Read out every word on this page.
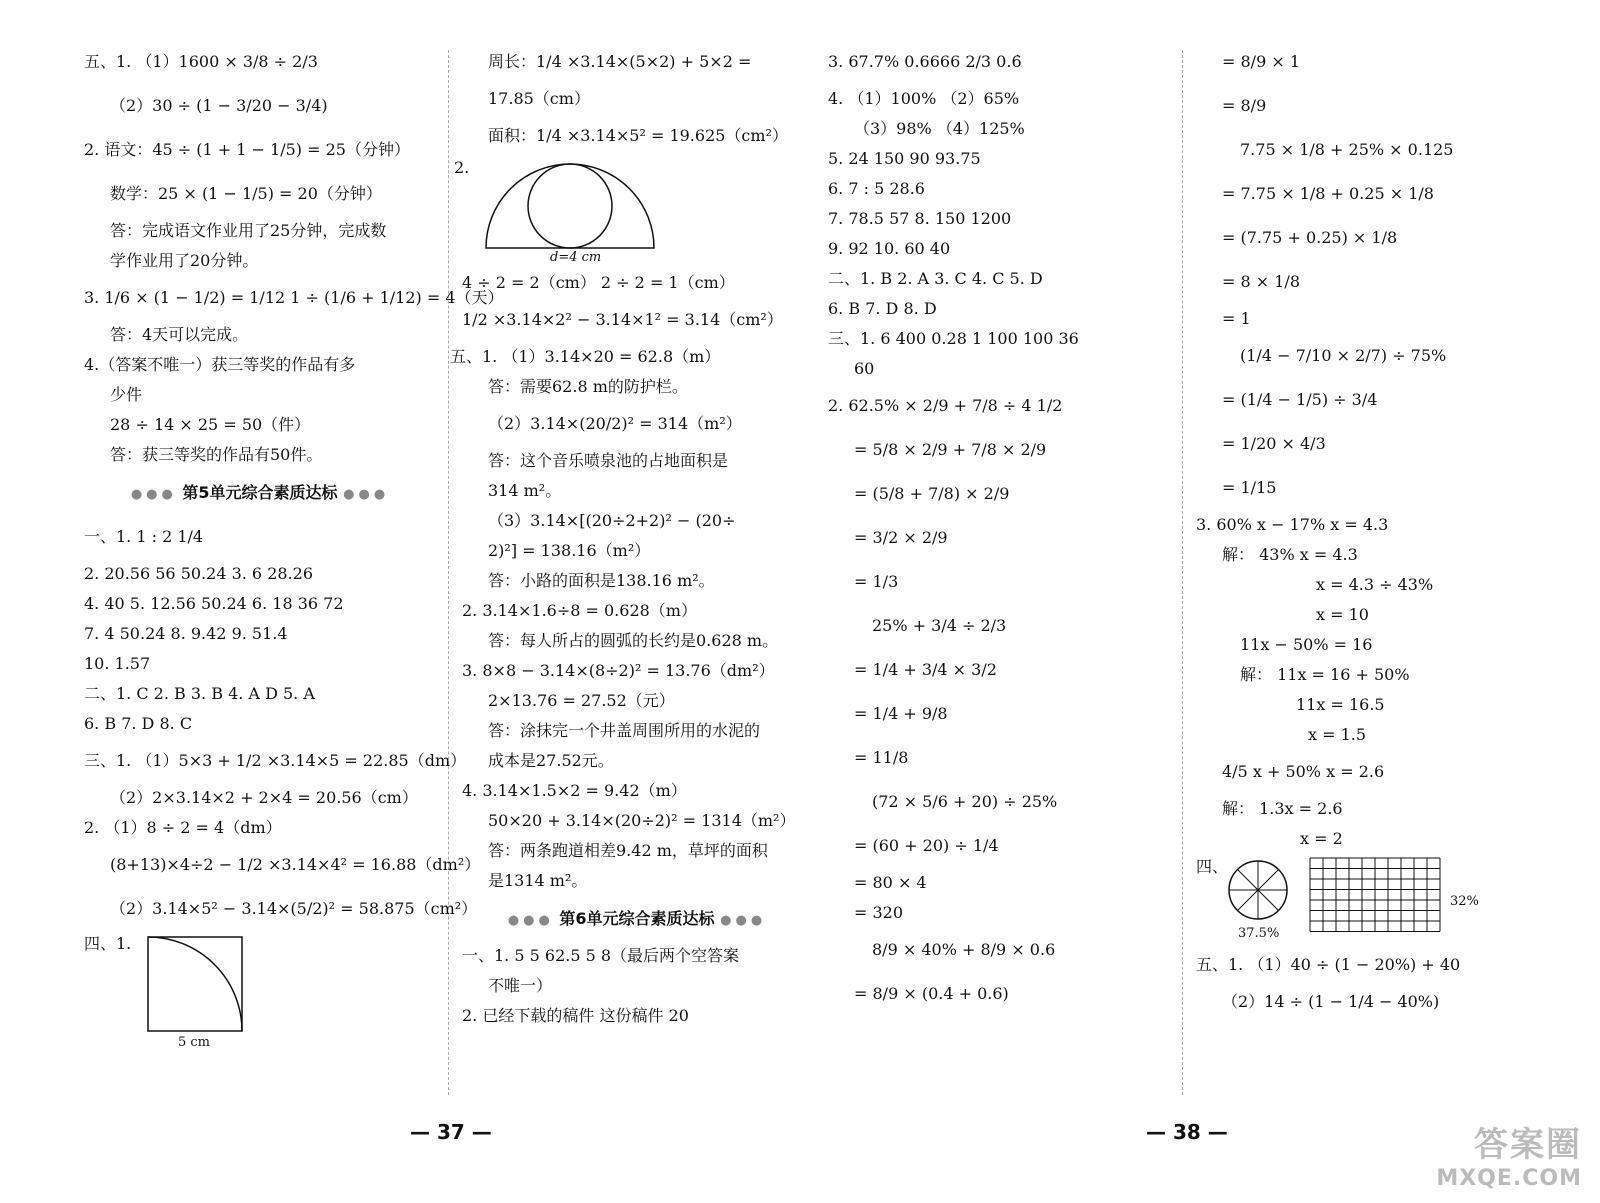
五、1. （1）1600 × 3/8 ÷ 2/3
（2）30 ÷ (1 − 3/20 − 3/4)
2. 语文：45 ÷ (1 + 1 − 1/5) = 25（分钟）
数学：25 × (1 − 1/5) = 20（分钟）
答：完成语文作业用了25分钟，完成数
学作业用了20分钟。
3. 1/6 × (1 − 1/2) = 1/12 1 ÷ (1/6 + 1/12) = 4（天）
答：4天可以完成。
4.（答案不唯一）获三等奖的作品有多
少件
28 ÷ 14 × 25 = 50（件）
答：获三等奖的作品有50件。
●●● 第5单元综合素质达标 ●●●
一、1. 1 : 2 1/4
2. 20.56 56 50.24 3. 6 28.26
4. 40 5. 12.56 50.24 6. 18 36 72
7. 4 50.24 8. 9.42 9. 51.4
10. 1.57
二、1. C 2. B 3. B 4. A D 5. A
6. B 7. D 8. C
三、1. （1）5×3 + 1/2 ×3.14×5 = 22.85（dm）
（2）2×3.14×2 + 2×4 = 20.56（cm）
2. （1）8 ÷ 2 = 4（dm）
(8+13)×4÷2 − 1/2 ×3.14×4² = 16.88（dm²）
（2）3.14×5² − 3.14×(5/2)² = 58.875（cm²）
四、1.
5 cm
周长：1/4 ×3.14×(5×2) + 5×2 =
17.85（cm）
面积：1/4 ×3.14×5² = 19.625（cm²）
2.
d=4 cm
4 ÷ 2 = 2（cm） 2 ÷ 2 = 1（cm）
1/2 ×3.14×2² − 3.14×1² = 3.14（cm²）
五、1. （1）3.14×20 = 62.8（m）
答：需要62.8 m的防护栏。
（2）3.14×(20/2)² = 314（m²）
答：这个音乐喷泉池的占地面积是
314 m²。
（3）3.14×[(20÷2+2)² − (20÷
2)²] = 138.16（m²）
答：小路的面积是138.16 m²。
2. 3.14×1.6÷8 = 0.628（m）
答：每人所占的圆弧的长约是0.628 m。
3. 8×8 − 3.14×(8÷2)² = 13.76（dm²）
2×13.76 = 27.52（元）
答：涂抹完一个井盖周围所用的水泥的
成本是27.52元。
4. 3.14×1.5×2 = 9.42（m）
50×20 + 3.14×(20÷2)² = 1314（m²）
答：两条跑道相差9.42 m，草坪的面积
是1314 m²。
●●● 第6单元综合素质达标 ●●●
一、1. 5 5 62.5 5 8（最后两个空答案
不唯一）
2. 已经下载的稿件 这份稿件 20
3. 67.7% 0.6666 2/3 0.6̇
4. （1）100% （2）65%
（3）98% （4）125%
5. 24 150 90 93.75
6. 7 : 5 28.6
7. 78.5 57 8. 150 1200
9. 92 10. 60 40
二、1. B 2. A 3. C 4. C 5. D
6. B 7. D 8. D
三、1. 6 400 0.28 1 100 100 36
60
2. 62.5% × 2/9 + 7/8 ÷ 4 1/2
= 5/8 × 2/9 + 7/8 × 2/9
= (5/8 + 7/8) × 2/9
= 3/2 × 2/9
= 1/3
25% + 3/4 ÷ 2/3
= 1/4 + 3/4 × 3/2
= 1/4 + 9/8
= 11/8
(72 × 5/6 + 20) ÷ 25%
= (60 + 20) ÷ 1/4
= 80 × 4
= 320
8/9 × 40% + 8/9 × 0.6
= 8/9 × (0.4 + 0.6)
= 8/9 × 1
= 8/9
7.75 × 1/8 + 25% × 0.125
= 7.75 × 1/8 + 0.25 × 1/8
= (7.75 + 0.25) × 1/8
= 8 × 1/8
= 1
(1/4 − 7/10 × 2/7) ÷ 75%
= (1/4 − 1/5) ÷ 3/4
= 1/20 × 4/3
= 1/15
3. 60% x − 17% x = 4.3
解： 43% x = 4.3
x = 4.3 ÷ 43%
x = 10
11x − 50% = 16
解： 11x = 16 + 50%
11x = 16.5
x = 1.5
4/5 x + 50% x = 2.6
解： 1.3x = 2.6
x = 2
四、
37.5%
32%
五、1. （1）40 ÷ (1 − 20%) + 40
（2）14 ÷ (1 − 1/4 − 40%)
— 37 —	— 38 —	答案圈
MXQE.COM
